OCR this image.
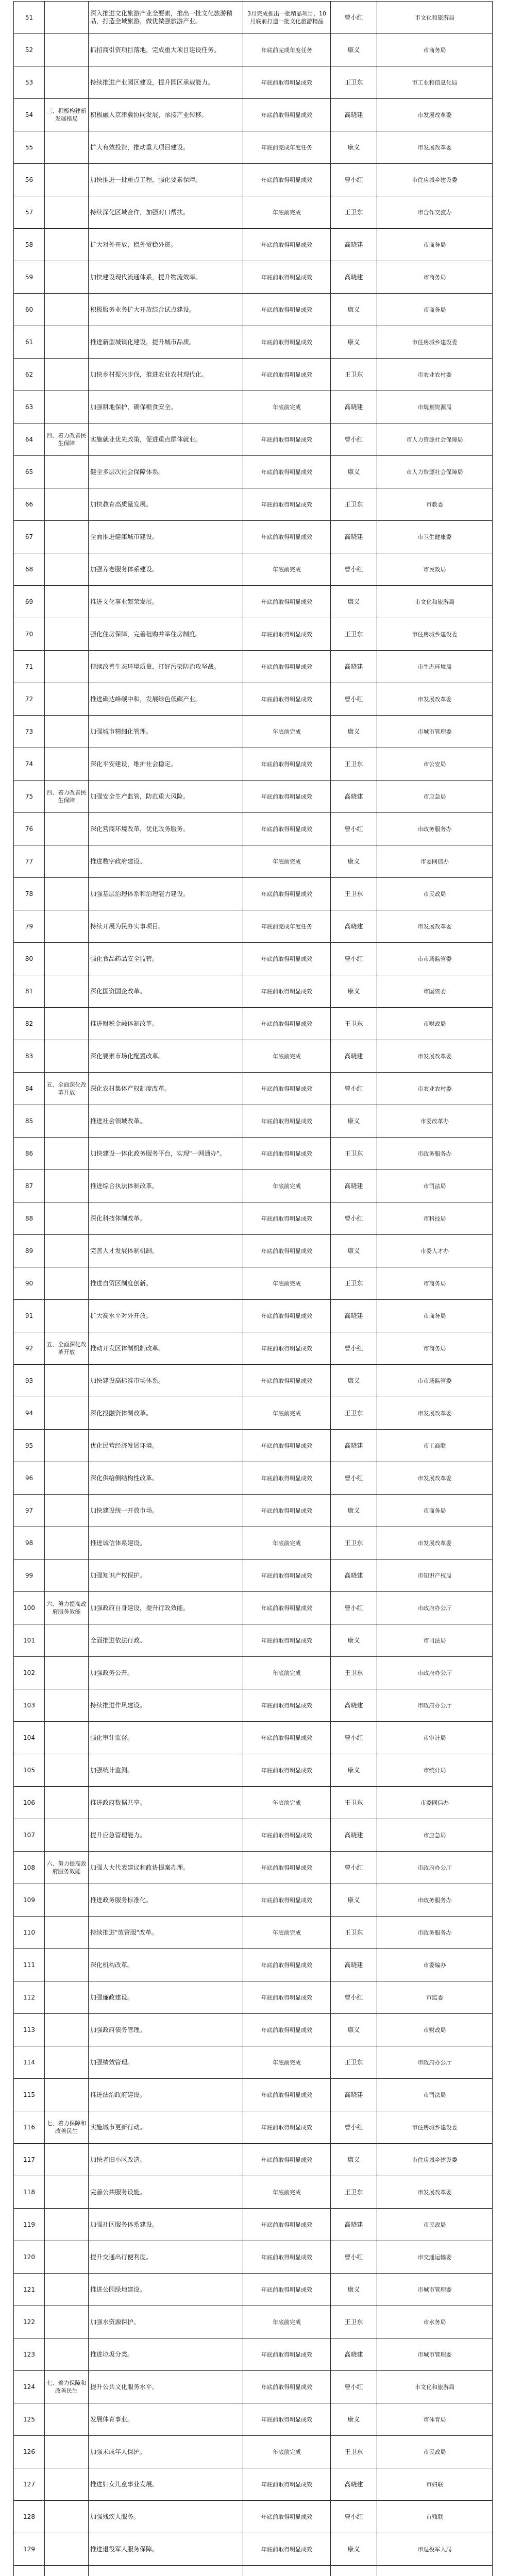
51		深入推进文化旅游产业全要素，推出一批文化旅游精品，打造全域旅游，做优做强旅游产业。	3月完成推出一批精品项目，10月底前打造一批文化旅游精品	曹小红	市文化和旅游局
52		抓招商引资项目落地，完成重大项目建设任务。	年底前完成年度任务	康义	市商务局
53		持续推进产业园区建设，提升园区承载能力。	年底前取得明显成效	王卫东	市工业和信息化局
54	三、积极构建新发展格局	积极融入京津冀协同发展，承接产业转移。	年底前取得明显成效	高晓建	市发展改革委
55		扩大有效投资，推动重大项目建设。	年底前完成年度任务	康义	市发展改革委
56		加快推进一批重点工程，强化要素保障。	年底前取得明显成效	曹小红	市住房城乡建设委
57		持续深化区域合作，加强对口帮扶。	年底前完成	王卫东	市合作交流办
58		扩大对外开放，稳外贸稳外资。	年底前取得明显成效	高晓建	市商务局
59		加快建设现代流通体系，提升物流效率。	年底前取得明显成效	高晓建	市商务局
60		积极服务业务扩大开放综合试点建设。	年底前取得明显成效	康义	市商务局
61		推进新型城镇化建设，提升城市品质。	年底前取得明显成效	康义	市住房城乡建设委
62		加快乡村振兴步伐，推进农业农村现代化。	年底前取得明显成效	王卫东	市农业农村委
63		加强耕地保护，确保粮食安全。	年底前完成	高晓建	市规划资源局
64	四、着力改善民生保障	实施就业优先政策，促进重点群体就业。	年底前取得明显成效	曹小红	市人力资源社会保障局
65		健全多层次社会保障体系。	年底前取得明显成效	康义	市人力资源社会保障局
66		加快教育高质量发展。	年底前取得明显成效	王卫东	市教委
67		全面推进健康城市建设。	年底前取得明显成效	高晓建	市卫生健康委
68		加强养老服务体系建设。	年底前完成	曹小红	市民政局
69		推进文化事业繁荣发展。	年底前取得明显成效	康义	市文化和旅游局
70		强化住房保障，完善租购并举住房制度。	年底前取得明显成效	王卫东	市住房城乡建设委
71		持续改善生态环境质量，打好污染防治攻坚战。	年底前取得明显成效	高晓建	市生态环境局
72		推进碳达峰碳中和，发展绿色低碳产业。	年底前取得明显成效	曹小红	市发展改革委
73		加强城市精细化管理。	年底前完成	康义	市城市管理委
74		深化平安建设，维护社会稳定。	年底前取得明显成效	王卫东	市公安局
75	四、着力改善民生保障	加强安全生产监管，防范重大风险。	年底前取得明显成效	高晓建	市应急局
76		深化营商环境改革，优化政务服务。	年底前取得明显成效	曹小红	市政务服务办
77		推进数字政府建设。	年底前完成	康义	市委网信办
78		加强基层治理体系和治理能力建设。	年底前取得明显成效	王卫东	市民政局
79		持续开展为民办实事项目。	年底前完成年度任务	高晓建	市发展改革委
80		强化食品药品安全监管。	年底前取得明显成效	曹小红	市市场监管委
81		深化国资国企改革。	年底前取得明显成效	康义	市国资委
82		推进财税金融体制改革。	年底前取得明显成效	王卫东	市财政局
83		深化要素市场化配置改革。	年底前完成	高晓建	市发展改革委
84	五、全面深化改革开放	深化农村集体产权制度改革。	年底前取得明显成效	曹小红	市农业农村委
85		推进社会领域改革。	年底前取得明显成效	康义	市委改革办
86		加快建设一体化政务服务平台，实现"一网通办"。	年底前取得明显成效	王卫东	市政务服务办
87		推进综合执法体制改革。	年底前完成	高晓建	市司法局
88		深化科技体制改革。	年底前取得明显成效	曹小红	市科技局
89		完善人才发展体制机制。	年底前取得明显成效	康义	市委人才办
90		推进自贸区制度创新。	年底前完成	王卫东	市商务局
91		扩大高水平对外开放。	年底前取得明显成效	高晓建	市商务局
92	五、全面深化改革开放	推动开发区体制机制改革。	年底前取得明显成效	曹小红	市商务局
93		加快建设高标准市场体系。	年底前取得明显成效	康义	市市场监管委
94		深化投融资体制改革。	年底前完成	王卫东	市发展改革委
95		优化民营经济发展环境。	年底前取得明显成效	高晓建	市工商联
96		深化供给侧结构性改革。	年底前取得明显成效	曹小红	市发展改革委
97		加快建设统一开放市场。	年底前取得明显成效	康义	市商务局
98		推进诚信体系建设。	年底前完成	王卫东	市发展改革委
99		加强知识产权保护。	年底前取得明显成效	高晓建	市知识产权局
100	六、努力提高政府服务效能	加强政府自身建设，提升行政效能。	年底前取得明显成效	曹小红	市政府办公厅
101		全面推进依法行政。	年底前取得明显成效	康义	市司法局
102		加强政务公开。	年底前完成	王卫东	市政府办公厅
103		持续推进作风建设。	年底前取得明显成效	高晓建	市政府办公厅
104		强化审计监督。	年底前取得明显成效	曹小红	市审计局
105		加强统计监测。	年底前取得明显成效	康义	市统计局
106		推进政府数据共享。	年底前完成	王卫东	市委网信办
107		提升应急管理能力。	年底前取得明显成效	高晓建	市应急局
108	六、努力提高政府服务效能	加强人大代表建议和政协提案办理。	年底前取得明显成效	曹小红	市政府办公厅
109		推进政务服务标准化。	年底前取得明显成效	康义	市政务服务办
110		持续推进"放管服"改革。	年底前完成	王卫东	市政务服务办
111		深化机构改革。	年底前取得明显成效	高晓建	市委编办
112		加强廉政建设。	年底前取得明显成效	曹小红	市监委
113		加强政府债务管理。	年底前取得明显成效	康义	市财政局
114		加强绩效管理。	年底前完成	王卫东	市政府办公厅
115		推进法治政府建设。	年底前取得明显成效	高晓建	市司法局
116	七、着力保障和改善民生	实施城市更新行动。	年底前取得明显成效	曹小红	市住房城乡建设委
117		加快老旧小区改造。	年底前取得明显成效	康义	市住房城乡建设委
118		完善公共服务设施。	年底前完成	王卫东	市发展改革委
119		加强社区服务体系建设。	年底前取得明显成效	高晓建	市民政局
120		提升交通出行便利度。	年底前取得明显成效	曹小红	市交通运输委
121		推进公园绿地建设。	年底前取得明显成效	康义	市城市管理委
122		加强水资源保护。	年底前完成	王卫东	市水务局
123		推进垃圾分类。	年底前取得明显成效	高晓建	市城市管理委
124	七、着力保障和改善民生	提升公共文化服务水平。	年底前取得明显成效	曹小红	市文化和旅游局
125		发展体育事业。	年底前取得明显成效	康义	市体育局
126		加强未成年人保护。	年底前完成	王卫东	市民政局
127		推进妇女儿童事业发展。	年底前取得明显成效	高晓建	市妇联
128		加强残疾人服务。	年底前取得明显成效	曹小红	市残联
129		推进退役军人服务保障。	年底前取得明显成效	康义	市退役军人局
